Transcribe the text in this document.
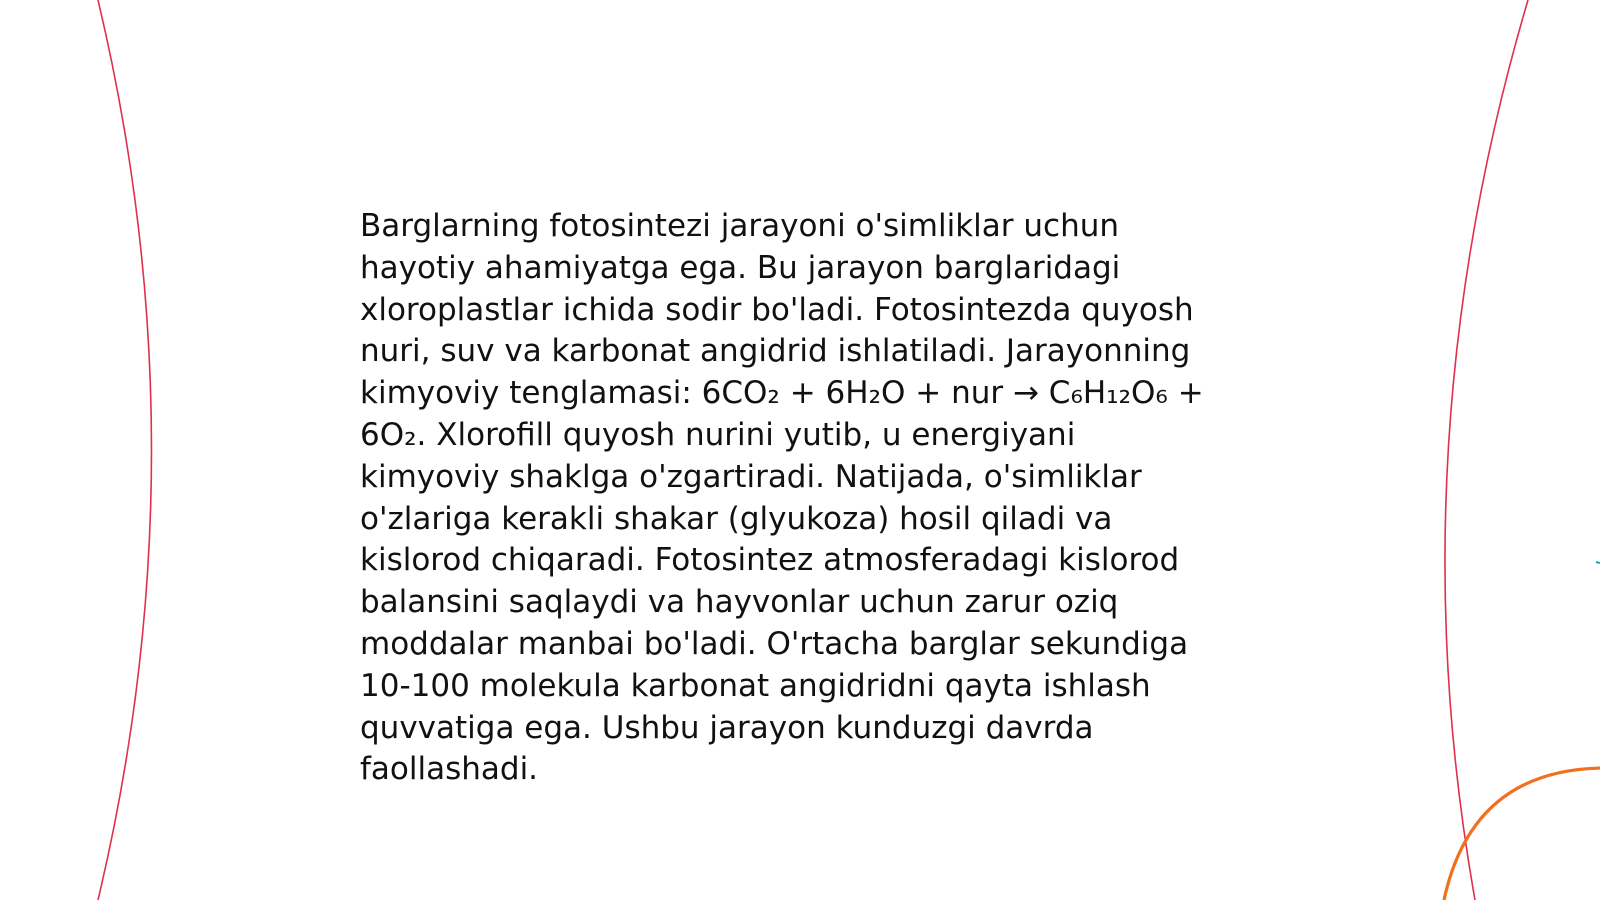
Barglarning fotosintezi jarayoni o'simliklar uchun
hayotiy ahamiyatga ega. Bu jarayon barglaridagi
xloroplastlar ichida sodir bo'ladi. Fotosintezda quyosh
nuri, suv va karbonat angidrid ishlatiladi. Jarayonning
kimyoviy tenglamasi: 6CO₂ + 6H₂O + nur → C₆H₁₂O₆ +
6O₂. Xlorofill quyosh nurini yutib, u energiyani
kimyoviy shaklga o'zgartiradi. Natijada, o'simliklar
o'zlariga kerakli shakar (glyukoza) hosil qiladi va
kislorod chiqaradi. Fotosintez atmosferadagi kislorod
balansini saqlaydi va hayvonlar uchun zarur oziq
moddalar manbai bo'ladi. O'rtacha barglar sekundiga
10-100 molekula karbonat angidridni qayta ishlash
quvvatiga ega. Ushbu jarayon kunduzgi davrda
faollashadi.
